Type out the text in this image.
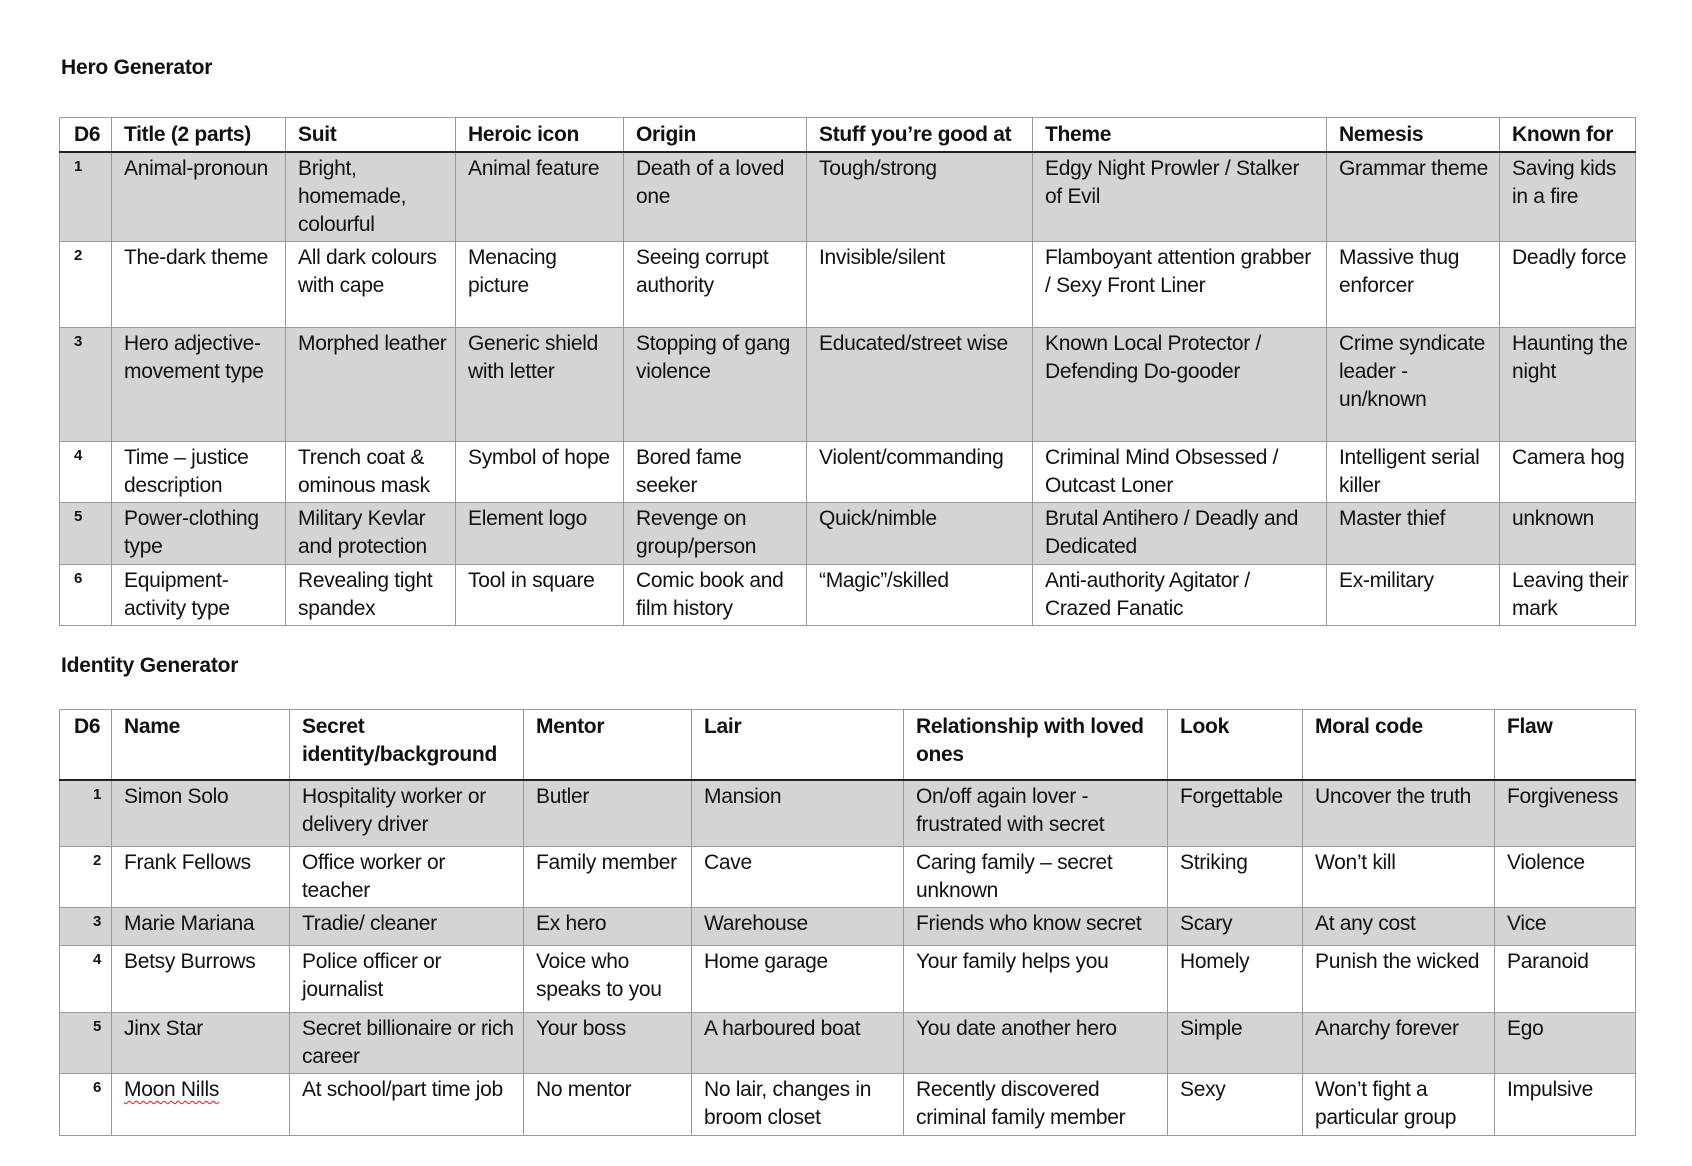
Hero Generator
D6	Title (2 parts)	Suit	Heroic icon	Origin	Stuff you’re good at	Theme	Nemesis	Known for
1	Animal-pronoun	Bright, homemade, colourful	Animal feature	Death of a loved one	Tough/strong	Edgy Night Prowler / Stalker of Evil	Grammar theme	Saving kids in a fire
2	The-dark theme	All dark colours with cape	Menacing picture	Seeing corrupt authority	Invisible/silent	Flamboyant attention grabber / Sexy Front Liner	Massive thug enforcer	Deadly force
3	Hero adjective-movement type	Morphed leather	Generic shield with letter	Stopping of gang violence	Educated/street wise	Known Local Protector / Defending Do-gooder	Crime syndicate leader - un/known	Haunting the night
4	Time – justice description	Trench coat & ominous mask	Symbol of hope	Bored fame seeker	Violent/commanding	Criminal Mind Obsessed / Outcast Loner	Intelligent serial killer	Camera hog
5	Power-clothing type	Military Kevlar and protection	Element logo	Revenge on group/person	Quick/nimble	Brutal Antihero / Deadly and Dedicated	Master thief	unknown
6	Equipment-activity type	Revealing tight spandex	Tool in square	Comic book and film history	“Magic”/skilled	Anti-authority Agitator / Crazed Fanatic	Ex-military	Leaving their mark
Identity Generator
D6	Name	Secret identity/background	Mentor	Lair	Relationship with loved ones	Look	Moral code	Flaw
1	Simon Solo	Hospitality worker or delivery driver	Butler	Mansion	On/off again lover - frustrated with secret	Forgettable	Uncover the truth	Forgiveness
2	Frank Fellows	Office worker or teacher	Family member	Cave	Caring family – secret unknown	Striking	Won’t kill	Violence
3	Marie Mariana	Tradie/ cleaner	Ex hero	Warehouse	Friends who know secret	Scary	At any cost	Vice
4	Betsy Burrows	Police officer or journalist	Voice who speaks to you	Home garage	Your family helps you	Homely	Punish the wicked	Paranoid
5	Jinx Star	Secret billionaire or rich career	Your boss	A harboured boat	You date another hero	Simple	Anarchy forever	Ego
6	Moon Nills	At school/part time job	No mentor	No lair, changes in broom closet	Recently discovered criminal family member	Sexy	Won’t fight a particular group	Impulsive
